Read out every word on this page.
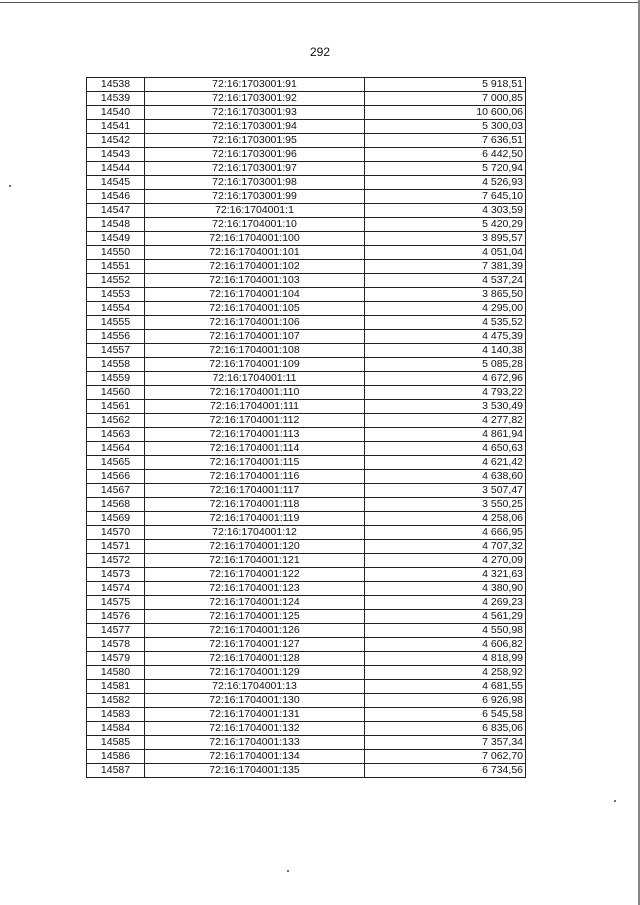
292
14538	72:16:1703001:91	5 918,51
14539	72:16:1703001:92	7 000,85
14540	72:16:1703001:93	10 600,06
14541	72:16:1703001:94	5 300,03
14542	72:16:1703001:95	7 636,51
14543	72:16:1703001:96	6 442,50
14544	72:16:1703001:97	5 720,94
14545	72:16:1703001:98	4 526,93
14546	72:16:1703001:99	7 645,10
14547	72:16:1704001:1	4 303,59
14548	72:16:1704001:10	5 420,29
14549	72:16:1704001:100	3 895,57
14550	72:16:1704001:101	4 051,04
14551	72:16:1704001:102	7 381,39
14552	72:16:1704001:103	4 537,24
14553	72:16:1704001:104	3 865,50
14554	72:16:1704001:105	4 295,00
14555	72:16:1704001:106	4 535,52
14556	72:16:1704001:107	4 475,39
14557	72:16:1704001:108	4 140,38
14558	72:16:1704001:109	5 085,28
14559	72:16:1704001:11	4 672,96
14560	72:16:1704001:110	4 793,22
14561	72:16:1704001:111	3 530,49
14562	72:16:1704001:112	4 277,82
14563	72:16:1704001:113	4 861,94
14564	72:16:1704001:114	4 650,63
14565	72:16:1704001:115	4 621,42
14566	72:16:1704001:116	4 638,60
14567	72:16:1704001:117	3 507,47
14568	72:16:1704001:118	3 550,25
14569	72:16:1704001:119	4 258,06
14570	72:16:1704001:12	4 666,95
14571	72:16:1704001:120	4 707,32
14572	72:16:1704001:121	4 270,09
14573	72:16:1704001:122	4 321,63
14574	72:16:1704001:123	4 380,90
14575	72:16:1704001:124	4 269,23
14576	72:16:1704001:125	4 561,29
14577	72:16:1704001:126	4 550,98
14578	72:16:1704001:127	4 606,82
14579	72:16:1704001:128	4 818,99
14580	72:16:1704001:129	4 258,92
14581	72:16:1704001:13	4 681,55
14582	72:16:1704001:130	6 926,98
14583	72:16:1704001:131	6 545,58
14584	72:16:1704001:132	6 835,06
14585	72:16:1704001:133	7 357,34
14586	72:16:1704001:134	7 062,70
14587	72:16:1704001:135	6 734,56
